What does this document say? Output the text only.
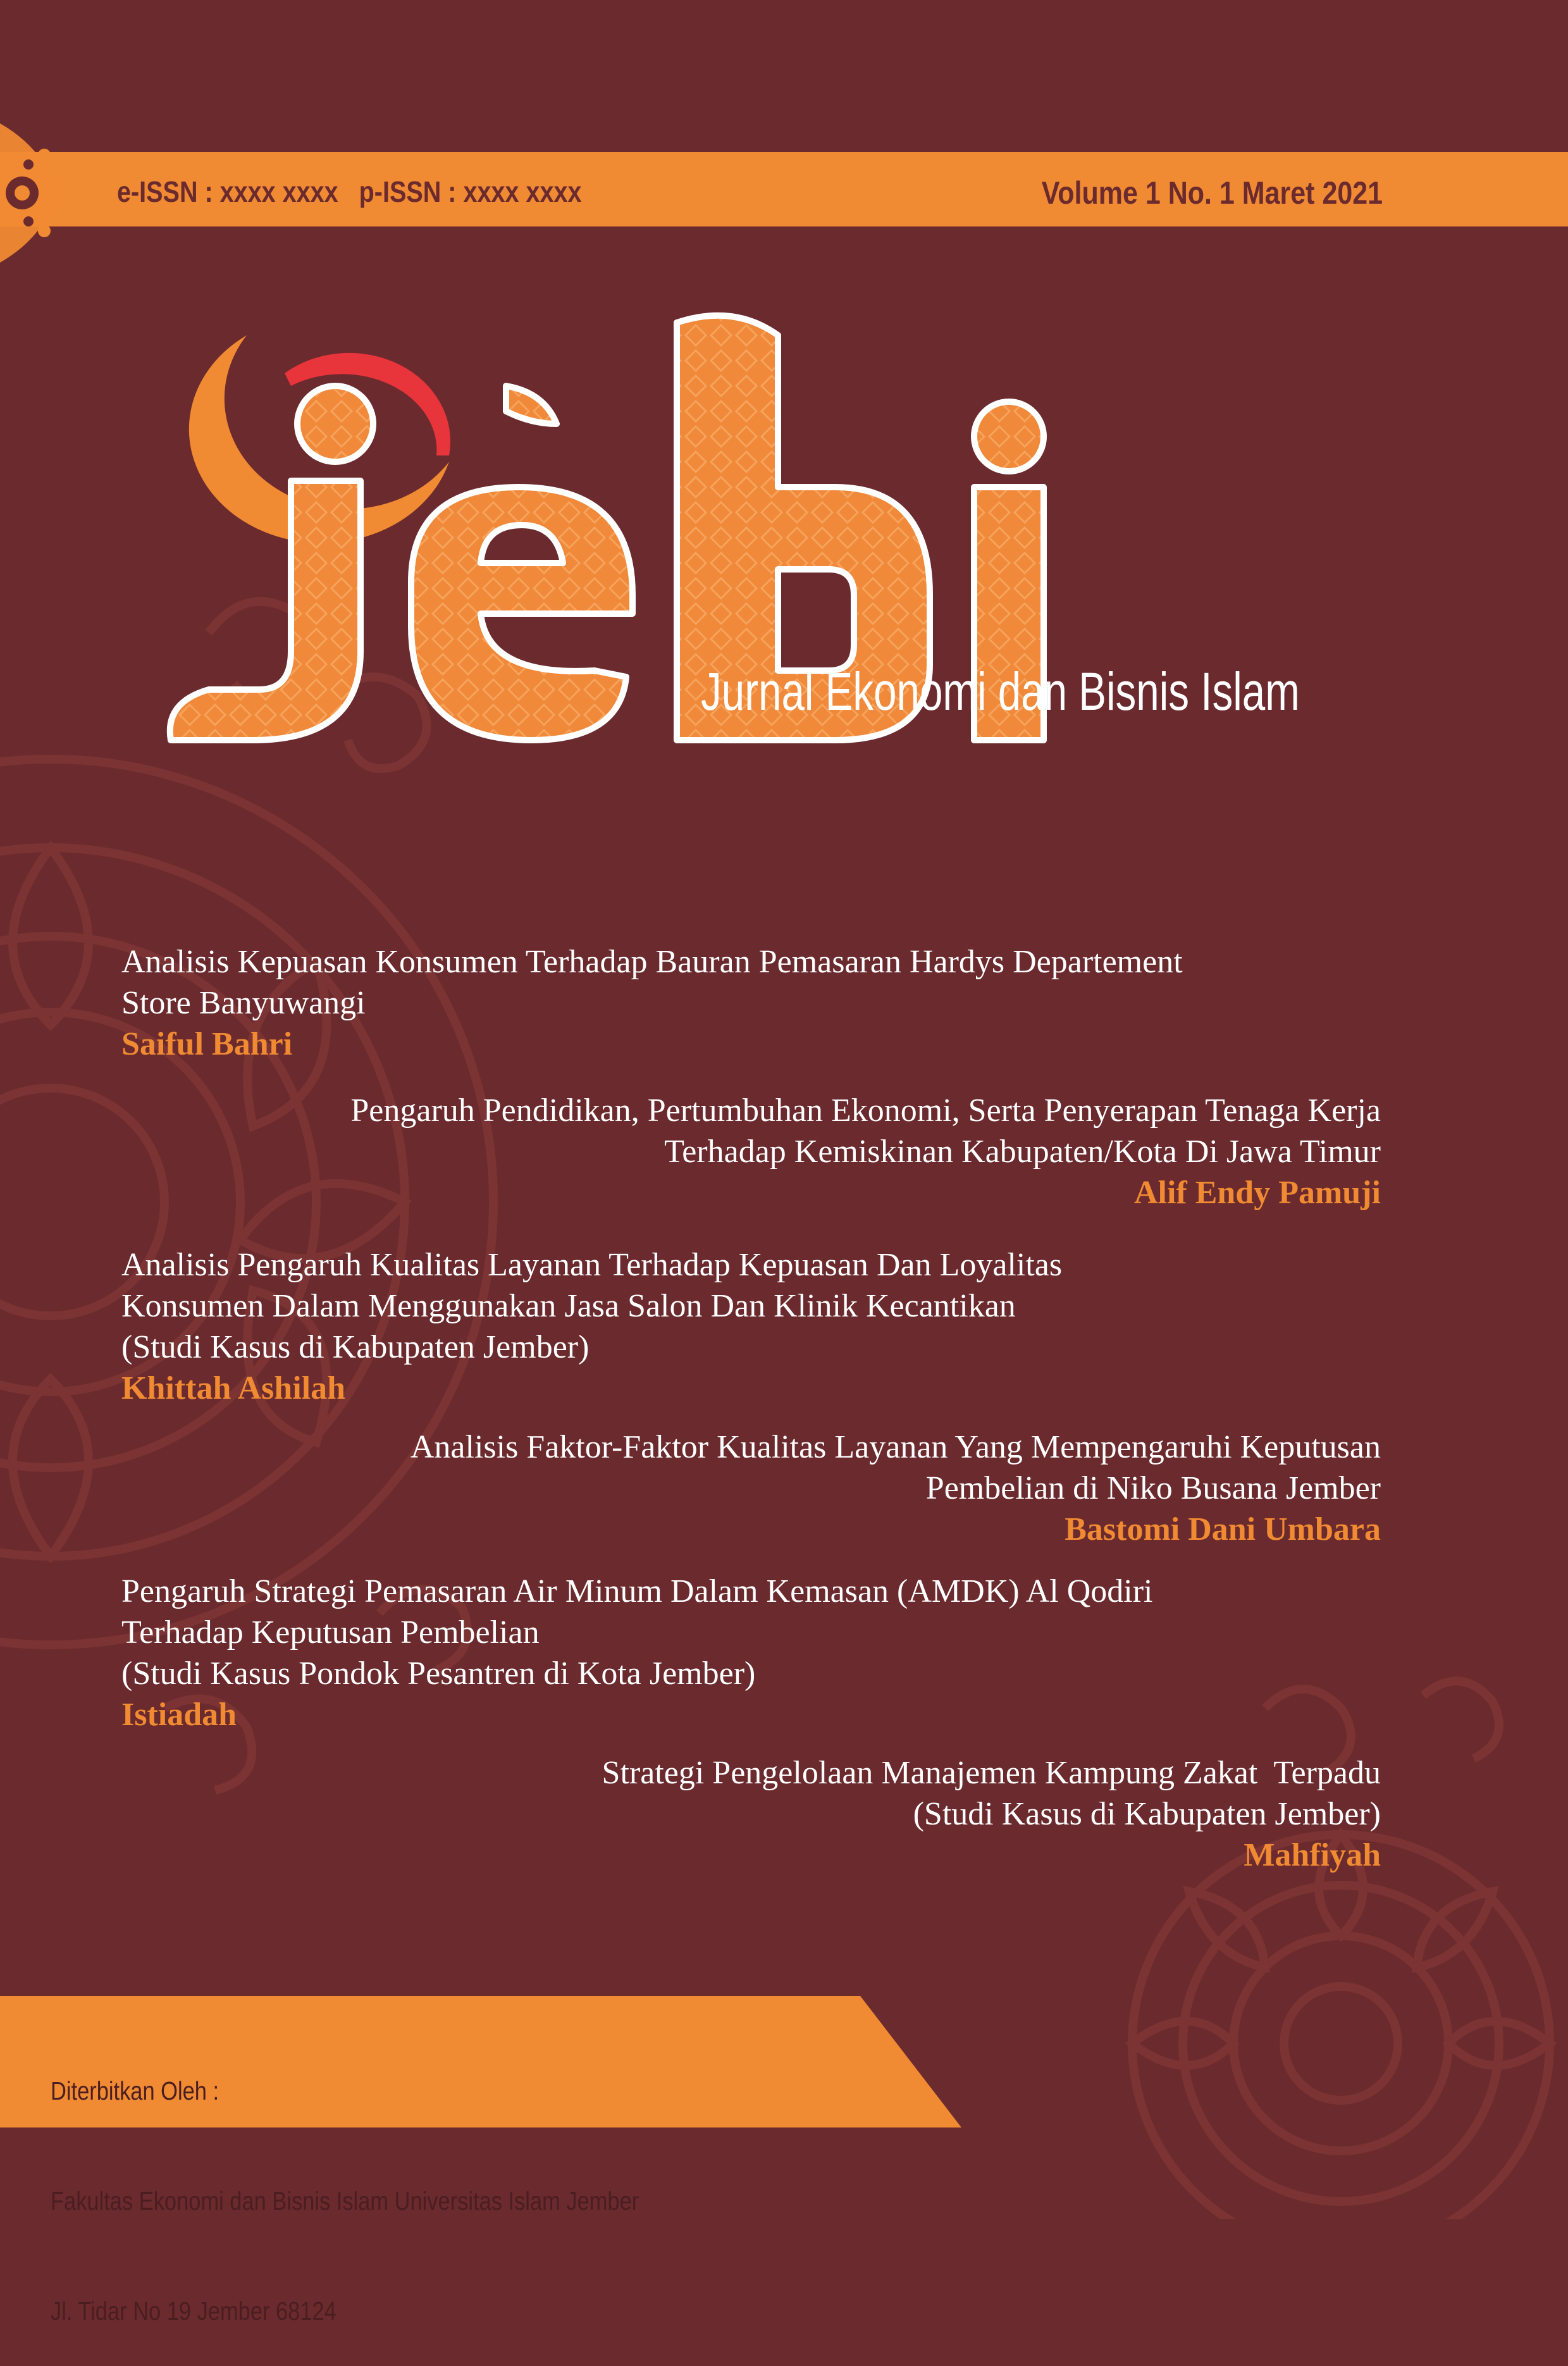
e-ISSN : xxxx xxxx   p-ISSN : xxxx xxxx	Volume 1 No. 1 Maret 2021
Jurnal Ekonomi dan Bisnis Islam
Analisis Kepuasan Konsumen Terhadap Bauran Pemasaran Hardys Departement
Store Banyuwangi
Saiful Bahri
Pengaruh Pendidikan, Pertumbuhan Ekonomi, Serta Penyerapan Tenaga Kerja
Terhadap Kemiskinan Kabupaten/Kota Di Jawa Timur
Alif Endy Pamuji
Analisis Pengaruh Kualitas Layanan Terhadap Kepuasan Dan Loyalitas
Konsumen Dalam Menggunakan Jasa Salon Dan Klinik Kecantikan
(Studi Kasus di Kabupaten Jember)
Khittah Ashilah
Analisis Faktor-Faktor Kualitas Layanan Yang Mempengaruhi Keputusan
Pembelian di Niko Busana Jember
Bastomi Dani Umbara
Pengaruh Strategi Pemasaran Air Minum Dalam Kemasan (AMDK) Al Qodiri
Terhadap Keputusan Pembelian
(Studi Kasus Pondok Pesantren di Kota Jember)
Istiadah
Strategi Pengelolaan Manajemen Kampung Zakat  Terpadu
(Studi Kasus di Kabupaten Jember)
Mahfiyah

Diterbitkan Oleh :

Fakultas Ekonomi dan Bisnis Islam Universitas Islam Jember

Jl. Tidar No 19 Jember 68124
